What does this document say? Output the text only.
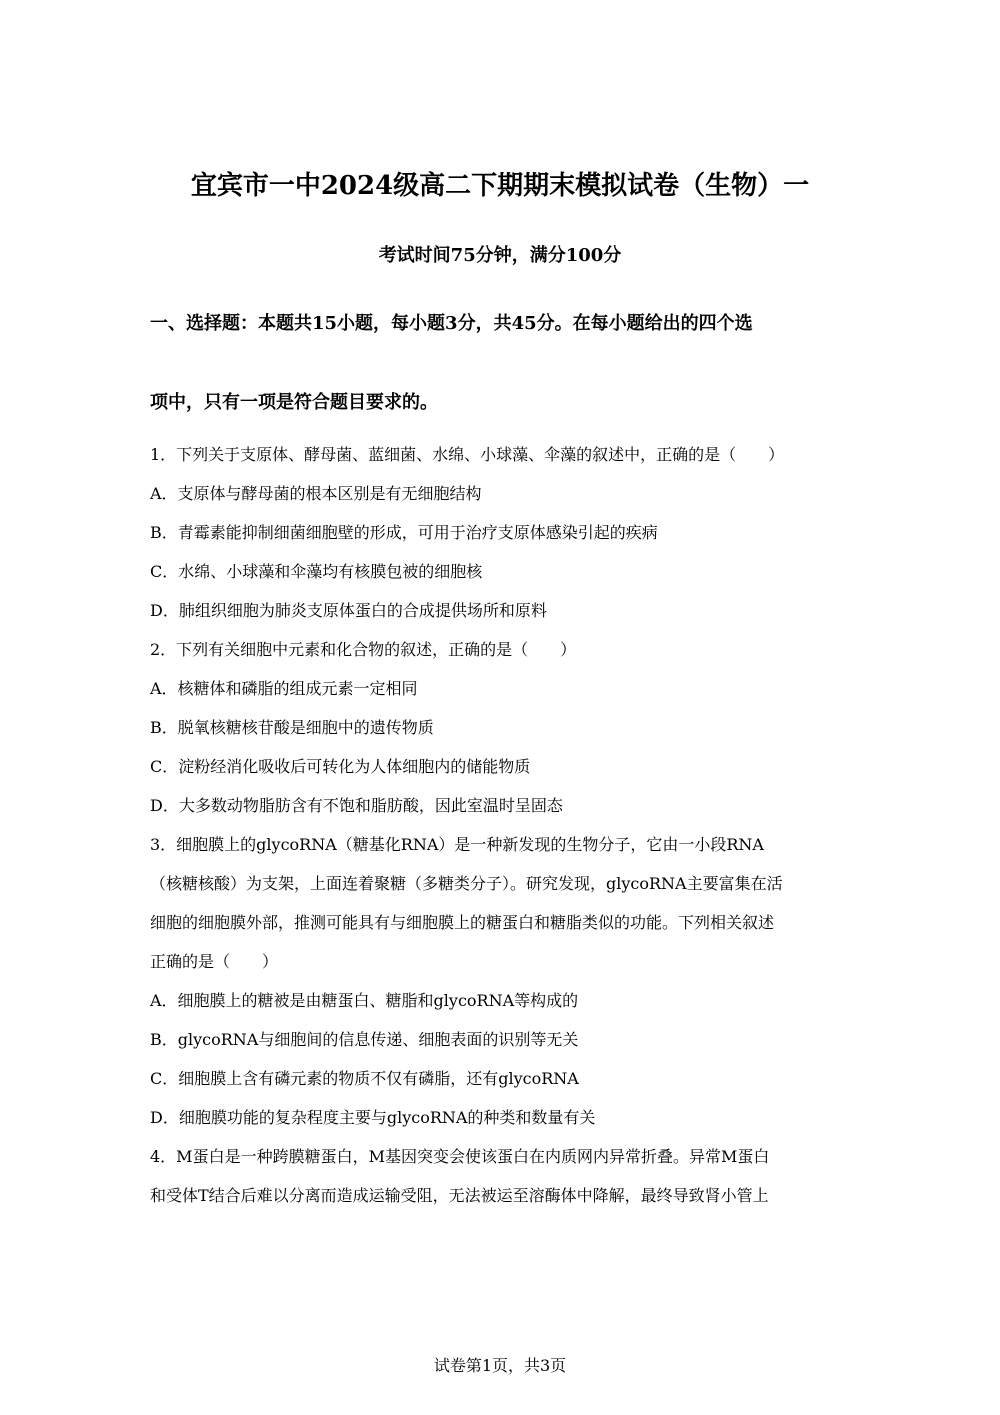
宜宾市一中2024级高二下期期末模拟试卷（生物）一
考试时间75分钟，满分100分
一、选择题：本题共15小题，每小题3分，共45分。在每小题给出的四个选
项中，只有一项是符合题目要求的。
1．下列关于支原体、酵母菌、蓝细菌、水绵、小球藻、伞藻的叙述中，正确的是（　　）
A．支原体与酵母菌的根本区别是有无细胞结构
B．青霉素能抑制细菌细胞壁的形成，可用于治疗支原体感染引起的疾病
C．水绵、小球藻和伞藻均有核膜包被的细胞核
D．肺组织细胞为肺炎支原体蛋白的合成提供场所和原料
2．下列有关细胞中元素和化合物的叙述，正确的是（　　）
A．核糖体和磷脂的组成元素一定相同
B．脱氧核糖核苷酸是细胞中的遗传物质
C．淀粉经消化吸收后可转化为人体细胞内的储能物质
D．大多数动物脂肪含有不饱和脂肪酸，因此室温时呈固态
3．细胞膜上的glycoRNA（糖基化RNA）是一种新发现的生物分子，它由一小段RNA
（核糖核酸）为支架，上面连着聚糖（多糖类分子）。研究发现，glycoRNA主要富集在活
细胞的细胞膜外部，推测可能具有与细胞膜上的糖蛋白和糖脂类似的功能。下列相关叙述
正确的是（　　）
A．细胞膜上的糖被是由糖蛋白、糖脂和glycoRNA等构成的
B．glycoRNA与细胞间的信息传递、细胞表面的识别等无关
C．细胞膜上含有磷元素的物质不仅有磷脂，还有glycoRNA
D．细胞膜功能的复杂程度主要与glycoRNA的种类和数量有关
4．M蛋白是一种跨膜糖蛋白，M基因突变会使该蛋白在内质网内异常折叠。异常M蛋白
和受体T结合后难以分离而造成运输受阻，无法被运至溶酶体中降解，最终导致肾小管上
试卷第1页，共3页
